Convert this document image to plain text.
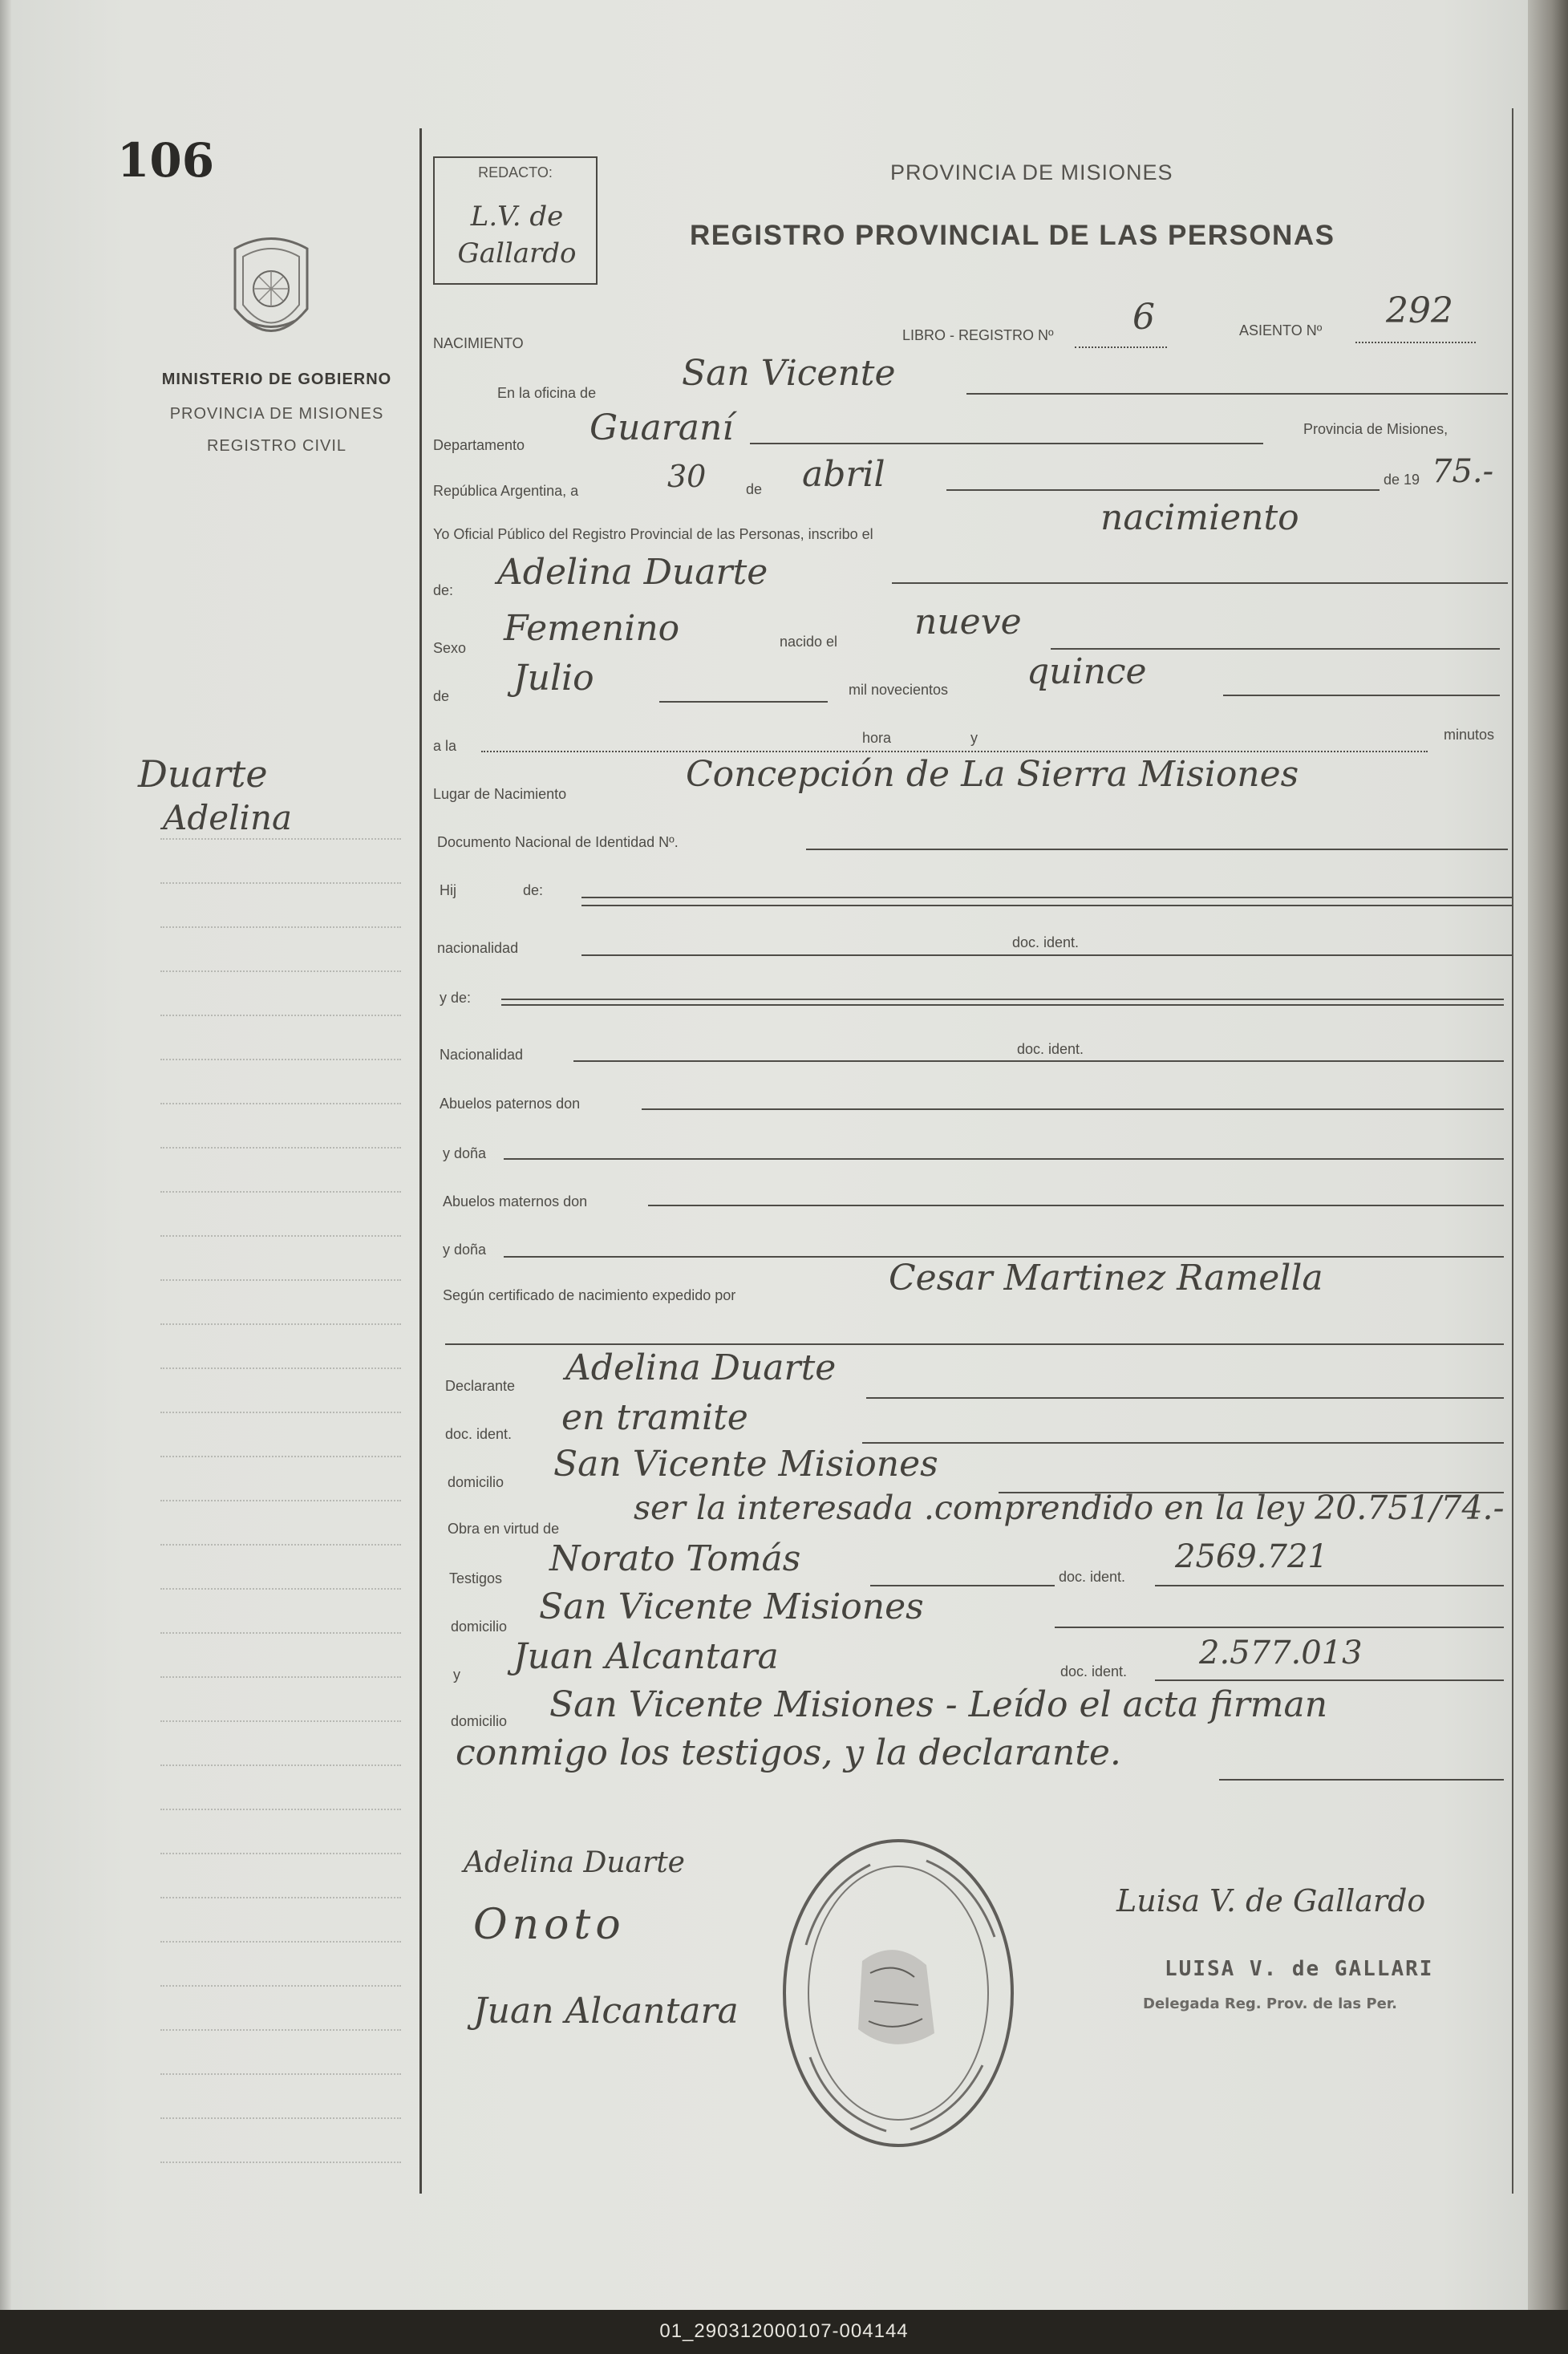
106
MINISTERIO DE GOBIERNO
PROVINCIA DE MISIONES
REGISTRO CIVIL
Duarte
Adelina
REDACTO:
L.V. de
Gallardo
PROVINCIA DE MISIONES
REGISTRO PROVINCIAL DE LAS PERSONAS
NACIMIENTO	LIBRO - REGISTRO Nº 6	ASIENTO Nº 292
En la oficina de San Vicente
Departamento Guaraní	Provincia de Misiones,
República Argentina, a	30	de abril	de 19 75.-
Yo Oficial Público del Registro Provincial de las Personas, inscribo el	nacimiento
de: Adelina Duarte
Sexo Femenino	nacido el nueve
de Julio	mil novecientos quince
a la	hora	y	minutos
Lugar de Nacimiento	Concepción de La Sierra Misiones
Documento Nacional de Identidad Nº.
Hij	de:
nacionalidad	doc. ident.
y de:
Nacionalidad	doc. ident.
Abuelos paternos don
y doña
Abuelos maternos don
y doña
Según certificado de nacimiento expedido por	Cesar Martinez Ramella
Declarante Adelina Duarte
doc. ident. en tramite
domicilio San Vicente Misiones
Obra en virtud de
ser la interesada .comprendido en la ley 20.751/74.-
Testigos Norato Tomás	doc. ident.
2569.721
domicilio San Vicente Misiones
y Juan Alcantara	doc. ident. 2.577.013
domicilio San Vicente Misiones - Leído el acta firman
conmigo los testigos, y la declarante.
Adelina Duarte
Onoto
Juan Alcantara
Luisa V. de Gallardo
LUISA V. de GALLARI
Delegada Reg. Prov. de las Per.
01_290312000107-004144
